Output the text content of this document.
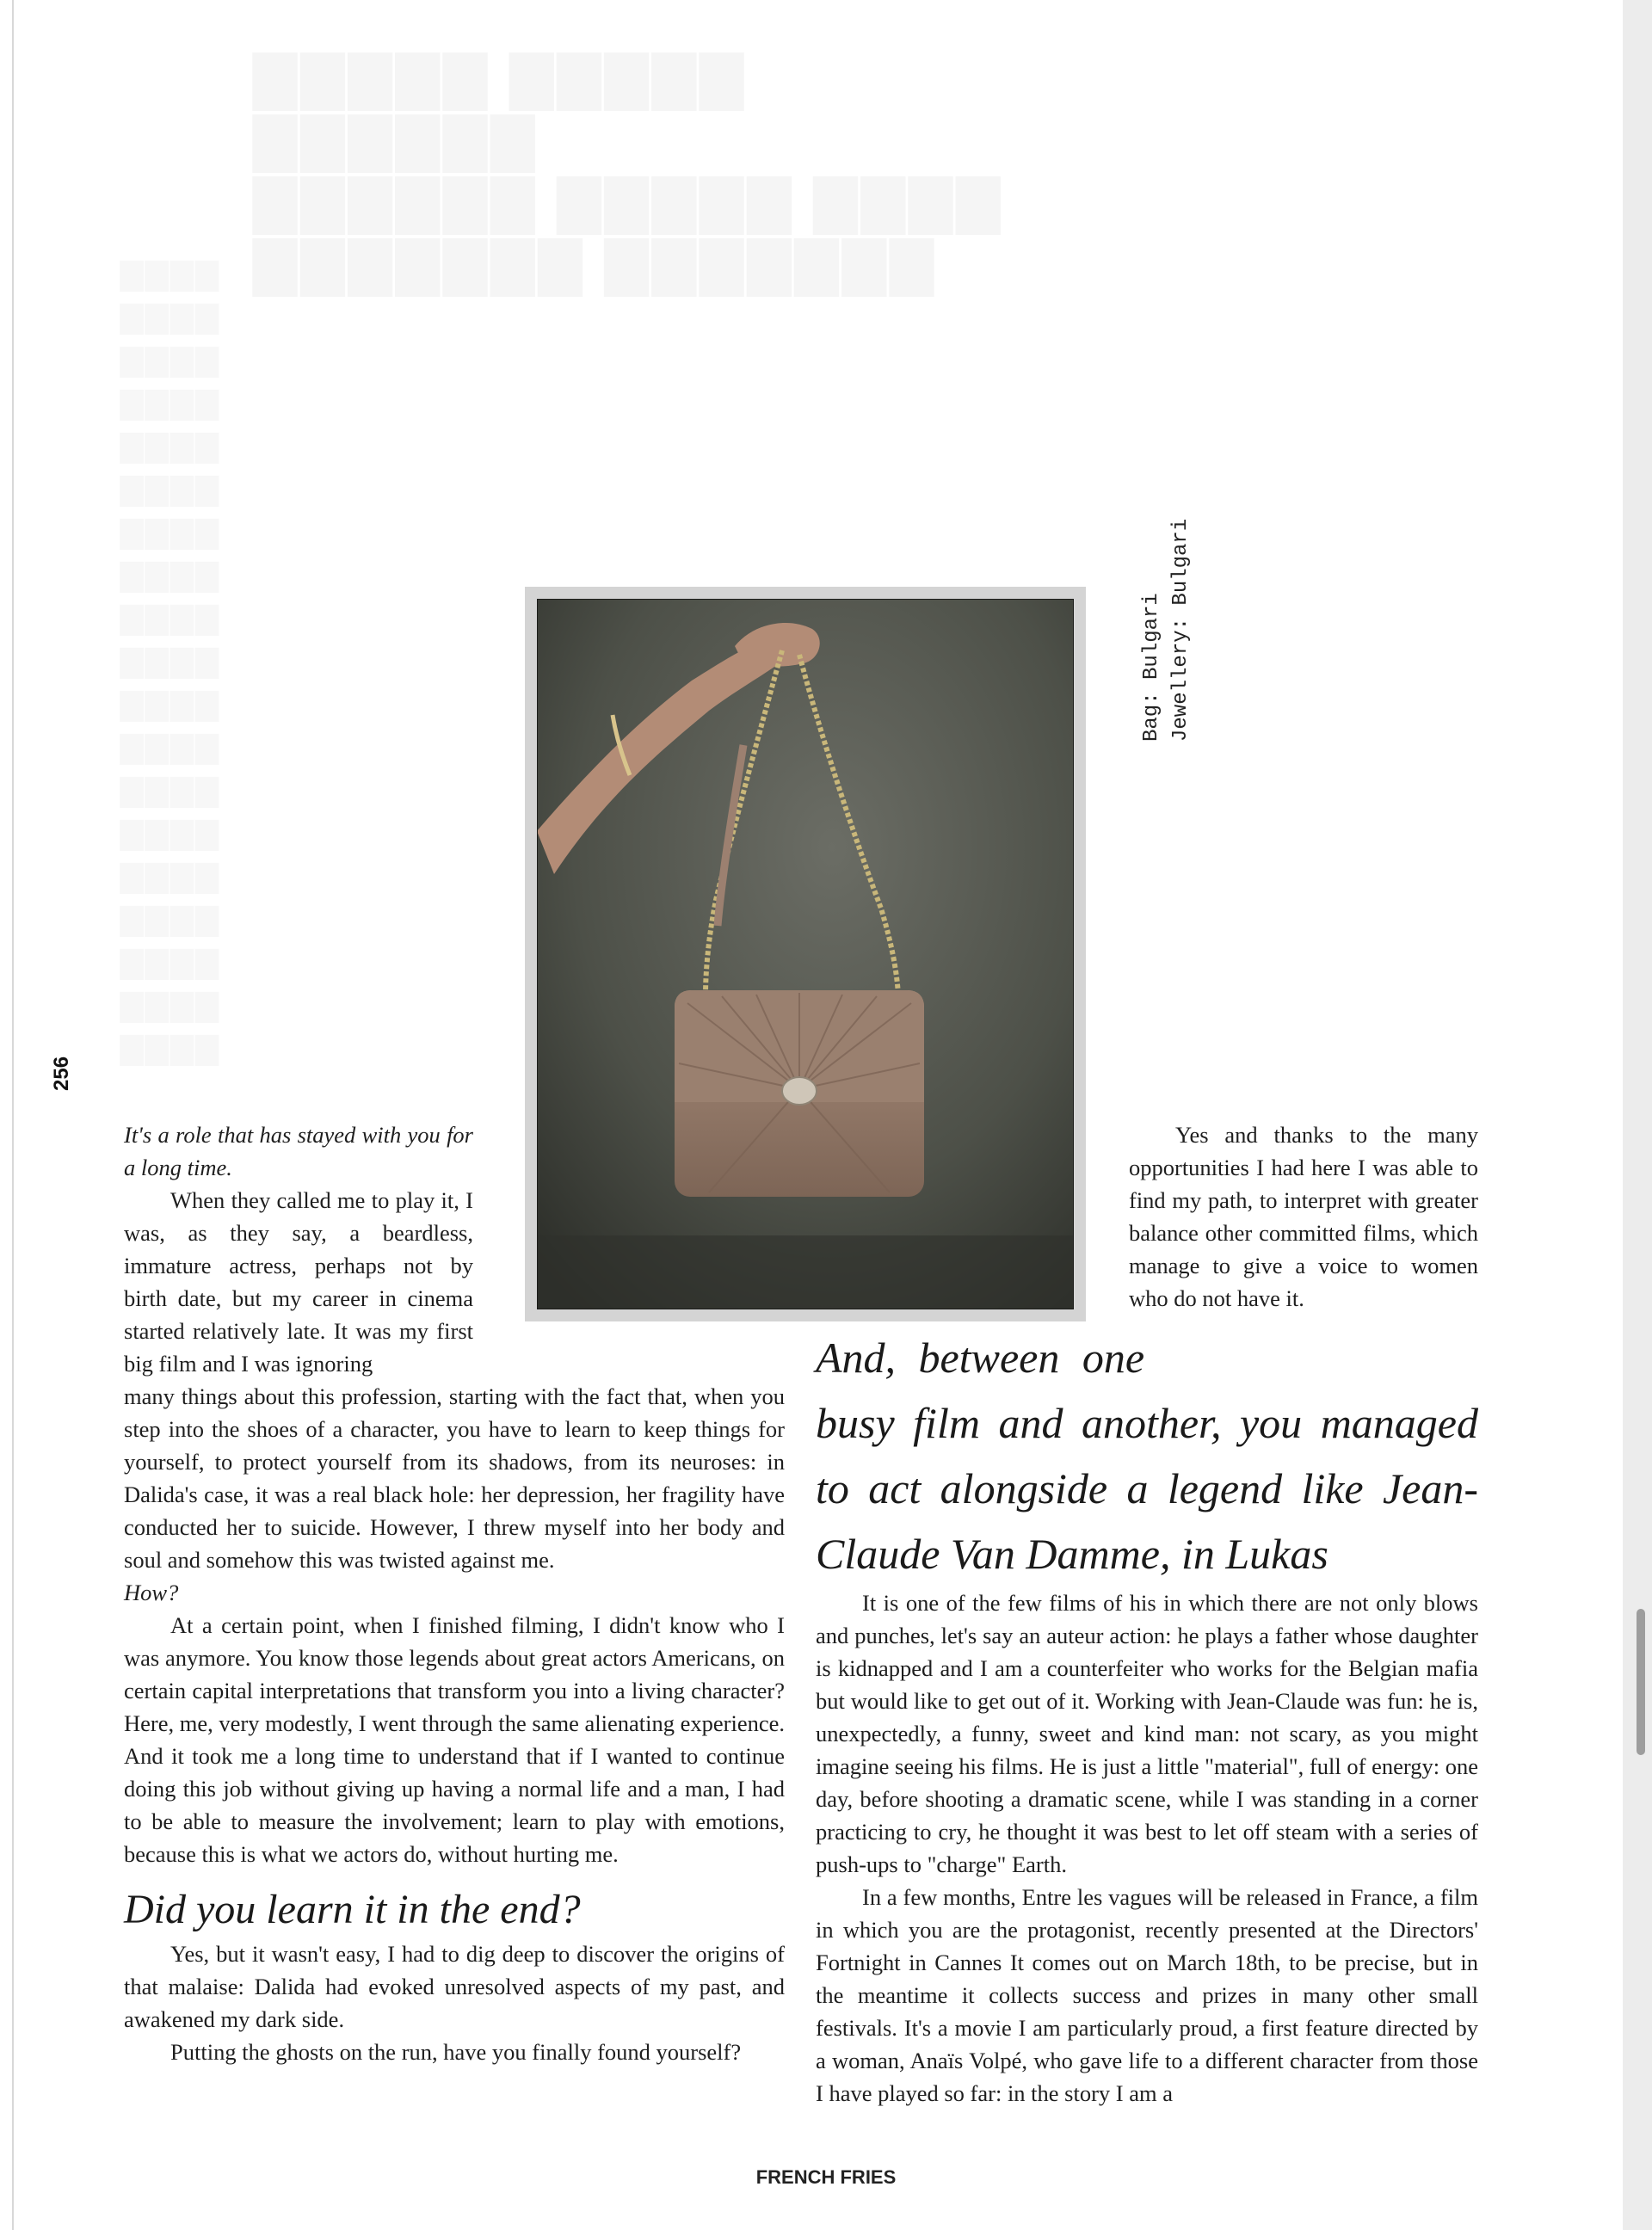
▇▇▇▇▇ ▇▇▇▇▇ ▇▇▇▇▇▇
▇▇▇▇▇▇ ▇▇▇▇▇ ▇▇▇▇
▇▇▇▇▇▇▇ ▇▇▇▇▇▇▇
▇▇▇▇
▇▇▇▇
▇▇▇▇
▇▇▇▇
▇▇▇▇
▇▇▇▇
▇▇▇▇
▇▇▇▇
▇▇▇▇
▇▇▇▇
▇▇▇▇
▇▇▇▇
▇▇▇▇
▇▇▇▇
▇▇▇▇
▇▇▇▇
▇▇▇▇
▇▇▇▇
▇▇▇▇
256
Bag: Bulgari Jewellery: Bulgari

It's a role that has stayed with you for a long time.

When they called me to play it, I was, as they say, a beardless, immature actress, perhaps not by birth date, but my career in cinema started relatively late. It was my first big film and I was ignoring

many things about this profession, starting with the fact that, when you step into the shoes of a character, you have to learn to keep things for yourself, to protect yourself from its shadows, from its neuroses: in Dalida's case, it was a real black hole: her depression, her fragility have conducted her to suicide. However, I threw myself into her body and soul and somehow this was twisted against me.

How?

At a certain point, when I finished filming, I didn't know who I was anymore. You know those legends about great actors Americans, on certain capital interpretations that transform you into a living character? Here, me, very modestly, I went through the same alienating experience. And it took me a long time to understand that if I wanted to continue doing this job without giving up having a normal life and a man, I had to be able to measure the involvement; learn to play with emotions, because this is what we actors do, without hurting me.

Did you learn it in the end?

Yes, but it wasn't easy, I had to dig deep to discover the origins of that malaise: Dalida had evoked unresolved aspects of my past, and awakened my dark side.

Putting the ghosts on the run, have you finally found yourself?

Yes and thanks to the many opportunities I had here I was able to find my path, to interpret with greater balance other committed films, which manage to give a voice to women who do not have it.

And, between one
busy film and another, you managed to act alongside a legend like Jean-Claude Van Damme, in Lukas

It is one of the few films of his in which there are not only blows and punches, let's say an auteur action: he plays a father whose daughter is kidnapped and I am a counterfeiter who works for the Belgian mafia but would like to get out of it. Working with Jean-Claude was fun: he is, unexpectedly, a funny, sweet and kind man: not scary, as you might imagine seeing his films. He is just a little "material", full of energy: one day, before shooting a dramatic scene, while I was standing in a corner practicing to cry, he thought it was best to let off steam with a series of push-ups to "charge" Earth.

In a few months, Entre les vagues will be released in France, a film in which you are the protagonist, recently presented at the Directors' Fortnight in Cannes It comes out on March 18th, to be precise, but in the meantime it collects success and prizes in many other small festivals. It's a movie I am particularly proud, a first feature directed by a woman, Anaïs Volpé, who gave life to a different character from those I have played so far: in the story I am a

FRENCH FRIES
